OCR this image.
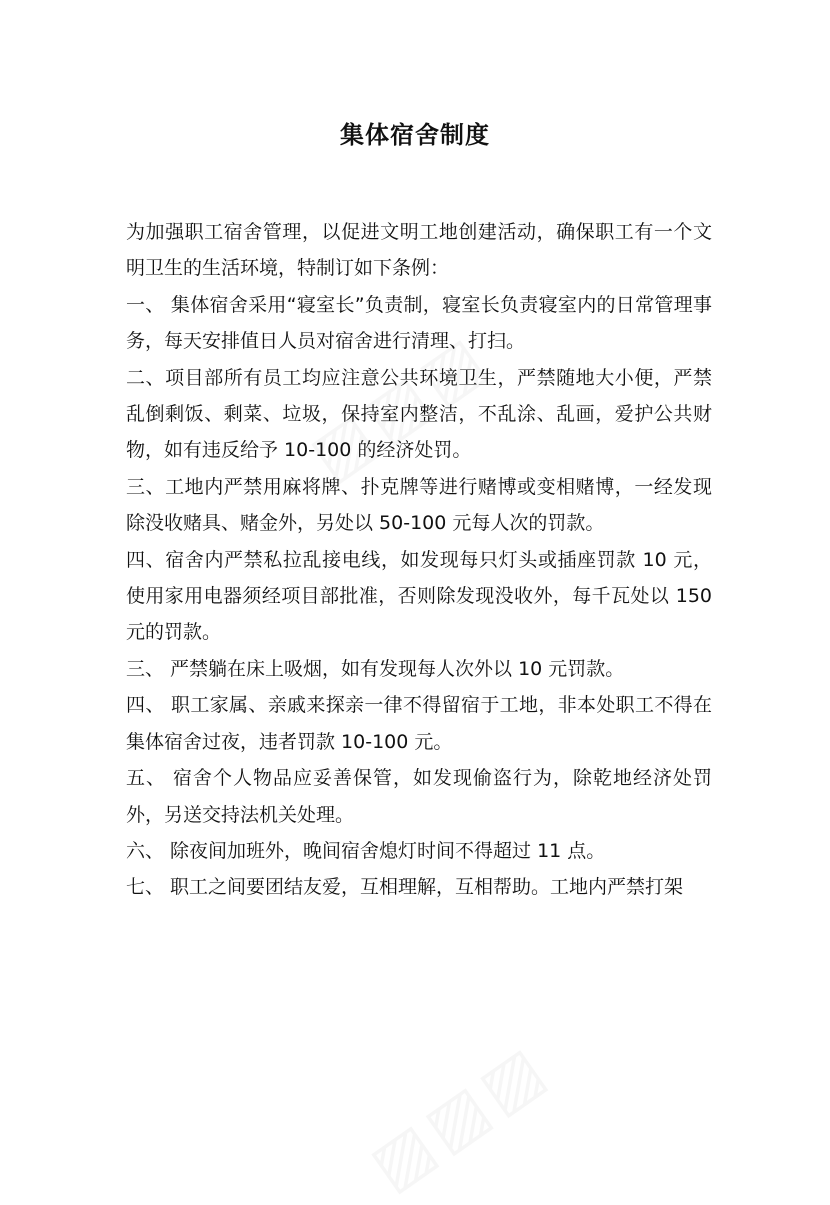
集体宿舍制度

为加强职工宿舍管理，以促进文明工地创建活动，确保职工有一个文明卫生的生活环境，特制订如下条例：

一、 集体宿舍采用“寝室长”负责制，寝室长负责寝室内的日常管理事务，每天安排值日人员对宿舍进行清理、打扫。

二、项目部所有员工均应注意公共环境卫生，严禁随地大小便，严禁乱倒剩饭、剩菜、垃圾，保持室内整洁，不乱涂、乱画，爱护公共财物，如有违反给予 10-100 的经济处罚。

三、工地内严禁用麻将牌、扑克牌等进行赌博或变相赌博，一经发现除没收赌具、赌金外，另处以 50-100 元每人次的罚款。

四、宿舍内严禁私拉乱接电线，如发现每只灯头或插座罚款 10 元，使用家用电器须经项目部批准，否则除发现没收外，每千瓦处以 150 元的罚款。

三、 严禁躺在床上吸烟，如有发现每人次外以 10 元罚款。

四、 职工家属、亲戚来探亲一律不得留宿于工地，非本处职工不得在集体宿舍过夜，违者罚款 10-100 元。

五、 宿舍个人物品应妥善保管，如发现偷盗行为，除乾地经济处罚外，另送交持法机关处理。

六、 除夜间加班外，晚间宿舍熄灯时间不得超过 11 点。

七、 职工之间要团结友爱，互相理解，互相帮助。工地内严禁打架
